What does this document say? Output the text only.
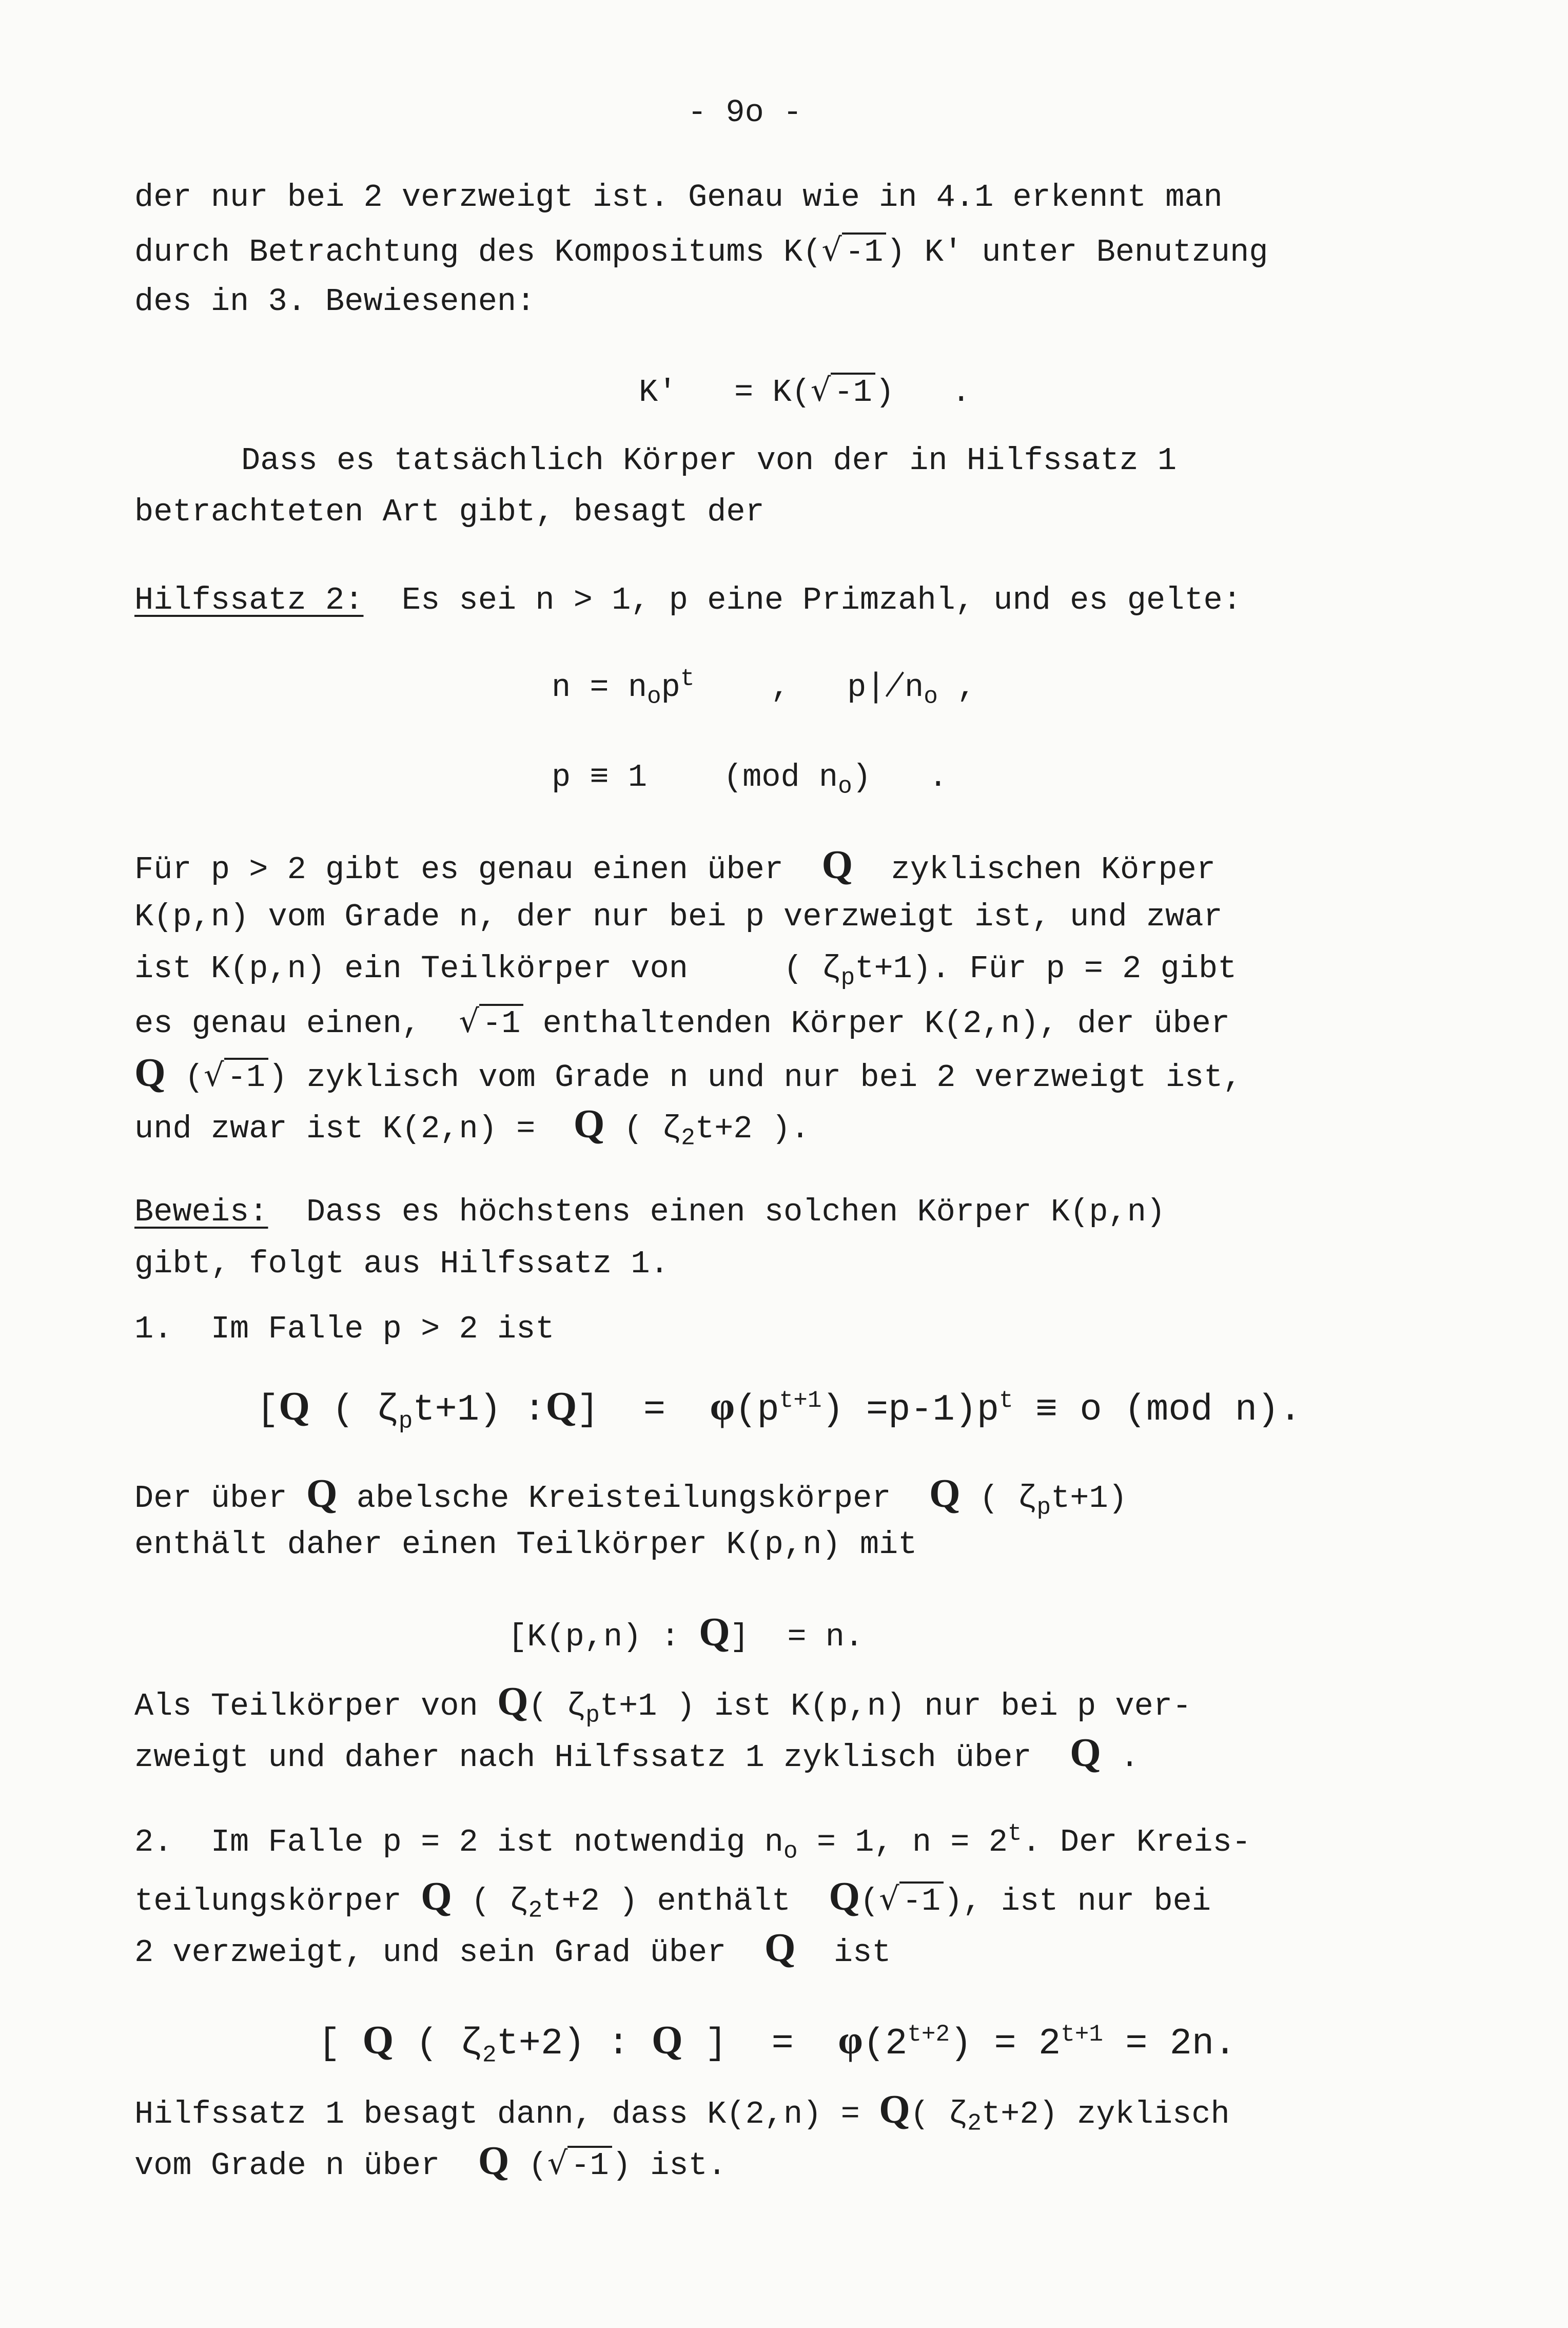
- 9o -
der nur bei 2 verzweigt ist. Genau wie in 4.1 erkennt man
durch Betrachtung des Kompositums K(√-1) K' unter Benutzung
des in 3. Bewiesenen:
K' = K(√-1) .
Dass es tatsächlich Körper von der in Hilfssatz 1
betrachteten Art gibt, besagt der
Hilfssatz 2: Es sei n > 1, p eine Primzahl, und es gelte:
$n = n_op^t$ , $p∤n_o$ ,
p ≡ 1 (mod $n_o$) .
Für p > 2 gibt es genau einen über Q zyklischen Körper
K(p,n) vom Grade n, der nur bei p verzweigt ist, und zwar
ist K(p,n) ein Teilkörper von	( $\zeta_pt+1$). Für p = 2 gibt
es genau einen, √-1 enthaltenden Körper K(2,n), der über
Q (√-1) zyklisch vom Grade n und nur bei 2 verzweigt ist,
und zwar ist K(2,n) = Q ( $\zeta_2t+2$ ).
Beweis: Dass es höchstens einen solchen Körper K(p,n)
gibt, folgt aus Hilfssatz 1.
1.  Im Falle p > 2 ist
[Q ( $\zeta_pt+1$) :Q] = $\varphi(p^{t+1}) =p-1)p^t \equiv o$ (mod n).
Der über Q abelsche Kreisteilungskörper Q ( $\zeta_pt+1$)
enthält daher einen Teilkörper K(p,n) mit
[K(p,n) : Q] = n.
Als Teilkörper von Q( $\zeta_pt+1$ ) ist K(p,n) nur bei p ver-
zweigt und daher nach Hilfssatz 1 zyklisch über Q .
2.  Im Falle p = 2 ist notwendig $n_o = 1$, $n = 2^t$. Der Kreis-
teilungskörper Q ( $\zeta_2t+2$ ) enthält Q(√-1), ist nur bei
2 verzweigt, und sein Grad über Q ist
[ Q ( $\zeta_2t+2$) : Q ] = $\varphi(2^{t+2}) = 2^{t+1} = 2n$.
Hilfssatz 1 besagt dann, dass K(2,n) = Q( $\zeta_2t+2$) zyklisch
vom Grade n über Q (√-1) ist.
